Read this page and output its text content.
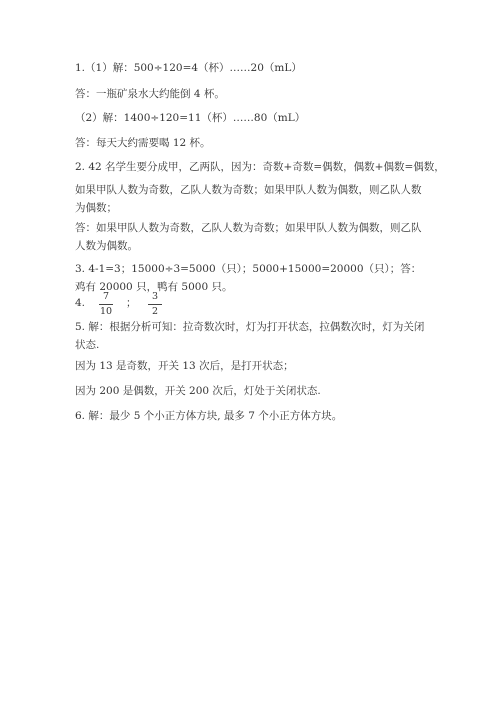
1.（1）解：500÷120=4（杯）……20（mL）
答：一瓶矿泉水大约能倒 4 杯。
（2）解：1400÷120=11（杯）……80（mL）
答：每天大约需要喝 12 杯。
2. 42 名学生要分成甲，乙两队，因为：奇数+奇数=偶数，偶数+偶数=偶数，
如果甲队人数为奇数，乙队人数为奇数；如果甲队人数为偶数，则乙队人数为偶数；
答：如果甲队人数为奇数，乙队人数为奇数；如果甲队人数为偶数，则乙队人数为偶数。
3. 4-1=3；15000÷3=5000（只）；5000+15000=20000（只）；答：鸡有 20000 只，鸭有 5000 只。
4.
7
10
；
3
2
5. 解：根据分析可知：拉奇数次时，灯为打开状态，拉偶数次时，灯为关闭状态.
因为 13 是奇数，开关 13 次后，是打开状态；
因为 200 是偶数，开关 200 次后，灯处于关闭状态.
6. 解：最少 5 个小正方体方块, 最多 7 个小正方体方块。
